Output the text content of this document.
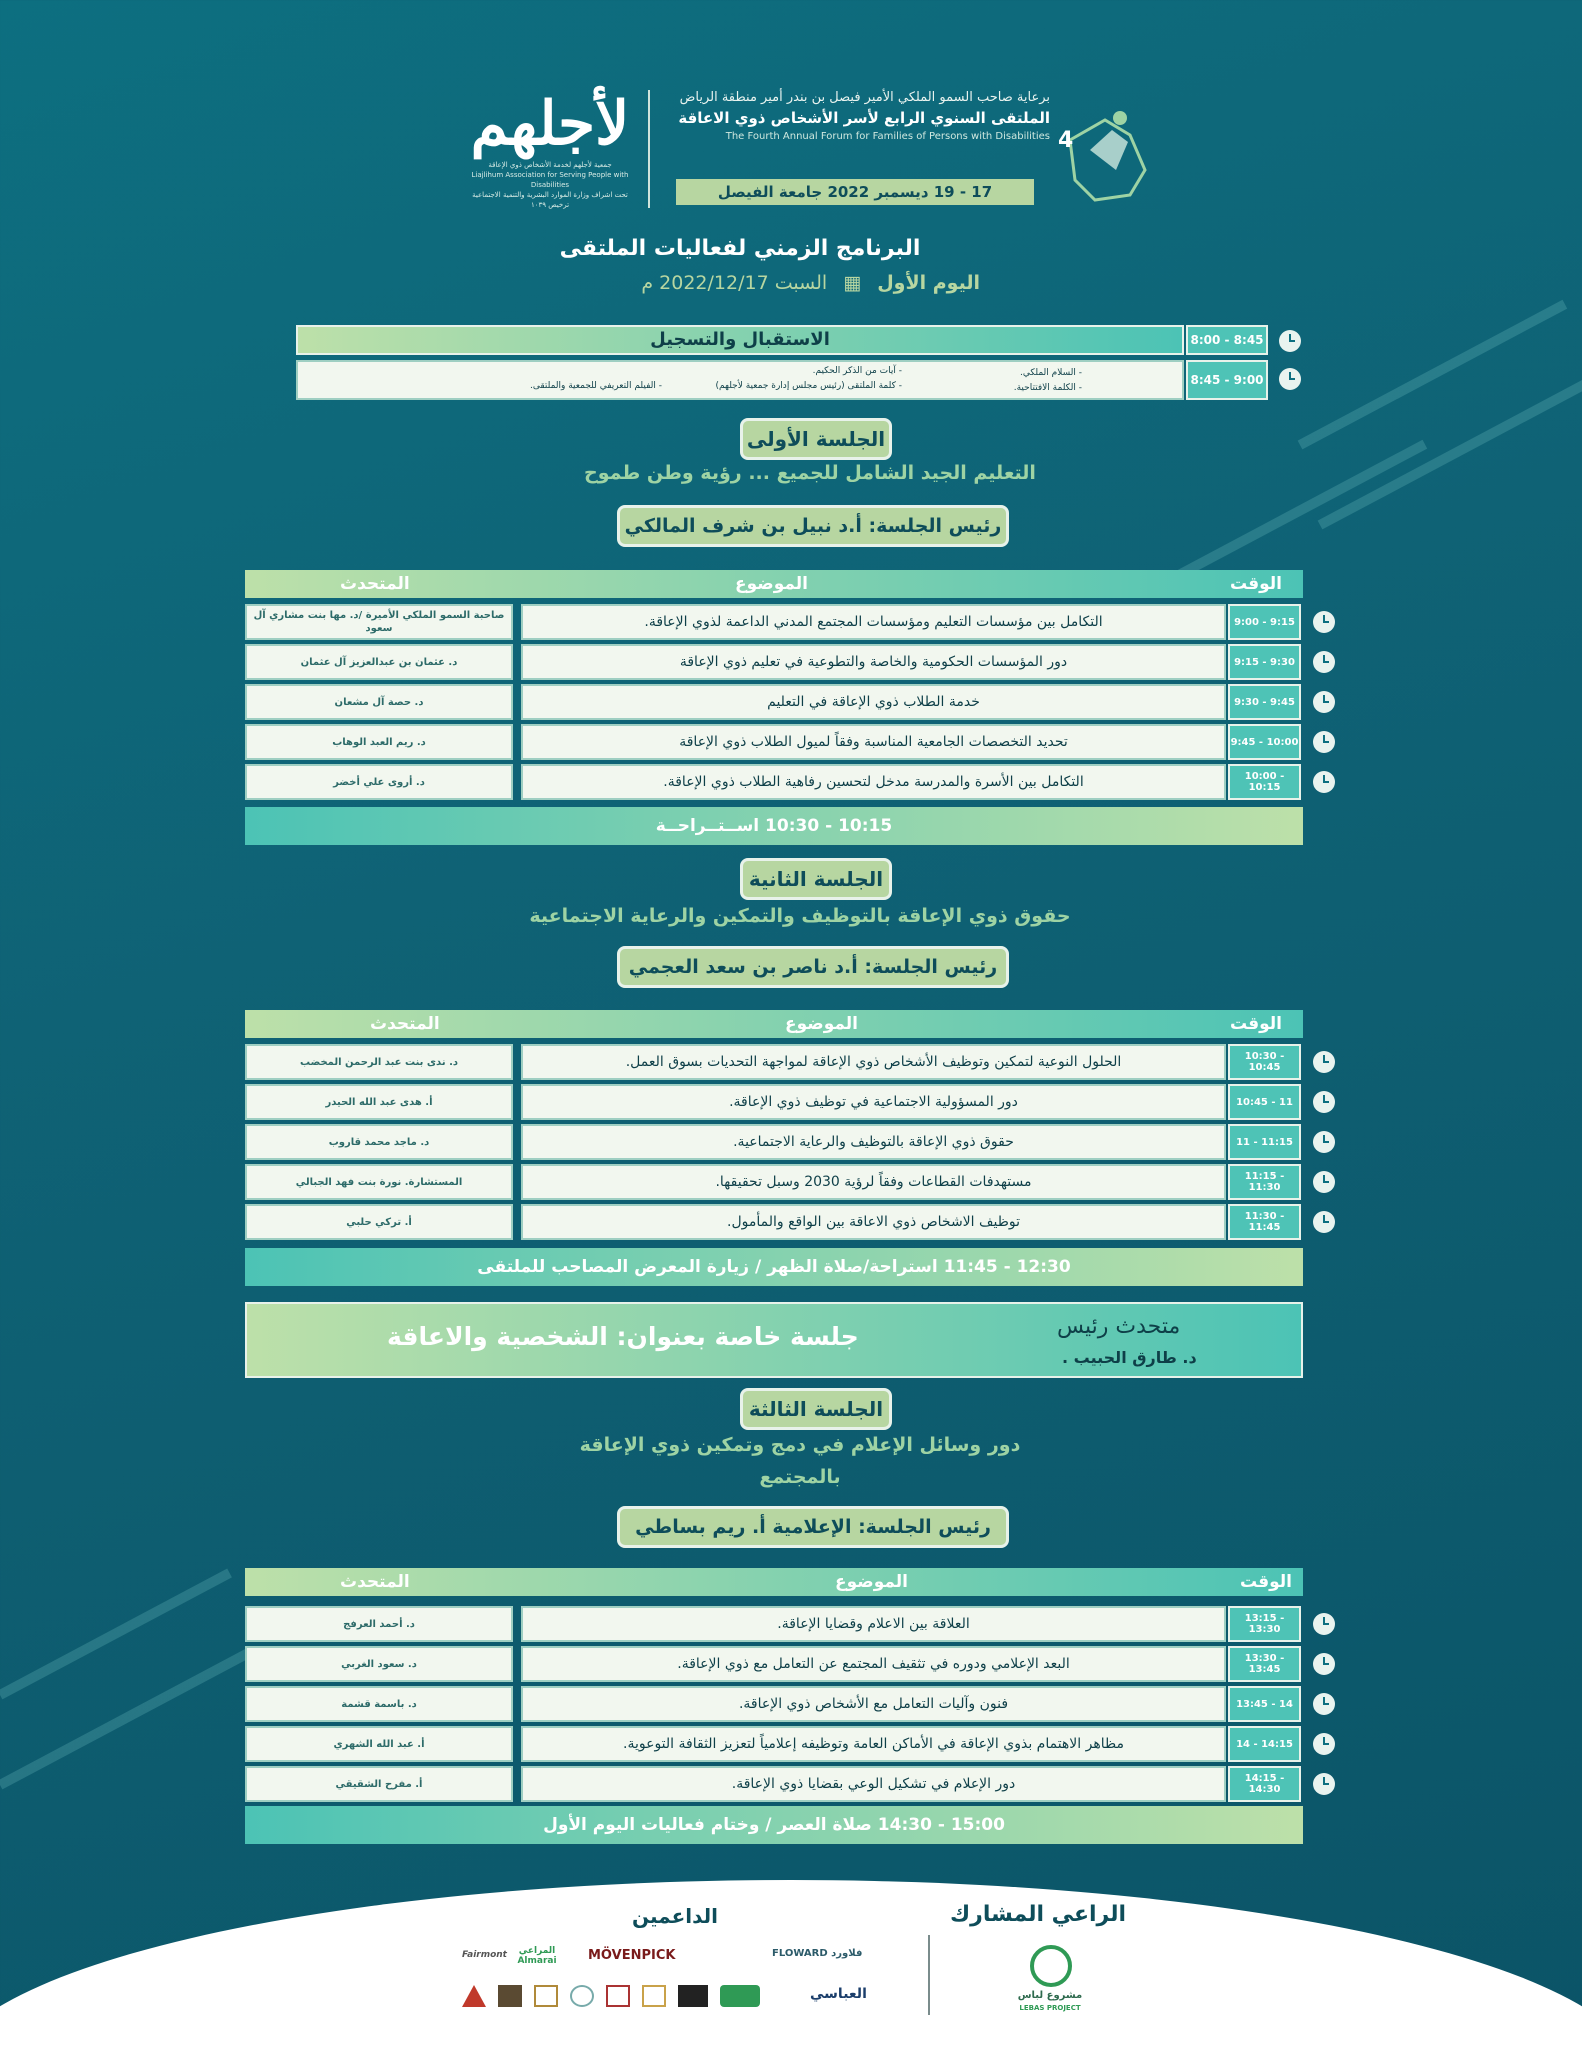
لأجلهم
جمعية لأجلهم لخدمة الأشخاص ذوي الإعاقة
Liajlihum Association for Serving People with Disabilities
تحت اشراف وزارة الموارد البشرية والتنمية الاجتماعية
ترخيص ١٠٣٩
برعاية صاحب السمو الملكي الأمير فيصل بن بندر أمير منطقة الرياض
الملتقى السنوي الرابع لأسر الأشخاص ذوي الاعاقة
The Fourth Annual Forum for Families of Persons with Disabilities
17 - 19 ديسمبر 2022 جامعة الفيصل
4
البرنامج الزمني لفعاليات الملتقى
اليوم الأول ▦ السبت 2022/12/17 م
الاستقبال والتسجيل	8:00 - 8:45
- السلام الملكي.
- الكلمة الافتتاحية.
- آيات من الذكر الحكيم.
- كلمة الملتقى (رئيس مجلس إدارة جمعية لأجلهم)
- الفيلم التعريفي للجمعية والملتقى.	8:45 - 9:00
الجلسة الأولى
التعليم الجيد الشامل للجميع ... رؤية وطن طموح
رئيس الجلسة: أ.د نبيل بن شرف المالكي
المتحدث	الموضوع	الوقت
صاحبة السمو الملكي الأميرة /د. مها بنت مشاري آل سعود	التكامل بين مؤسسات التعليم ومؤسسات المجتمع المدني الداعمة لذوي الإعاقة.	9:00 - 9:15
د. عثمان بن عبدالعزيز آل عثمان	دور المؤسسات الحكومية والخاصة والتطوعية في تعليم ذوي الإعاقة	9:15 - 9:30
د. حصة آل مشعان	خدمة الطلاب ذوي الإعاقة في التعليم	9:30 - 9:45
د. ريم العبد الوهاب	تحديد التخصصات الجامعية المناسبة وفقاً لميول الطلاب ذوي الإعاقة	9:45 - 10:00
د. أروى علي أخضر	التكامل بين الأسرة والمدرسة مدخل لتحسين رفاهية الطلاب ذوي الإعاقة.	10:00 - 10:15
10:15 - 10:30 اســتــراحــة
الجلسة الثانية
حقوق ذوي الإعاقة بالتوظيف والتمكين والرعاية الاجتماعية
رئيس الجلسة: أ.د ناصر بن سعد العجمي
المتحدث	الموضوع	الوقت
د. ندى بنت عبد الرحمن المخضب	الحلول النوعية لتمكين وتوظيف الأشخاص ذوي الإعاقة لمواجهة التحديات بسوق العمل.	10:30 - 10:45
أ. هدى عبد الله الحيدر	دور المسؤولية الاجتماعية في توظيف ذوي الإعاقة.	10:45 - 11
د. ماجد محمد قاروب	حقوق ذوي الإعاقة بالتوظيف والرعاية الاجتماعية.	11 - 11:15
المستشارة. نورة بنت فهد الجبالي	مستهدفات القطاعات وفقاً لرؤية 2030 وسبل تحقيقها.	11:15 - 11:30
أ. تركي حلبي	توظيف الاشخاص ذوي الاعاقة بين الواقع والمأمول.	11:30 - 11:45
12:30 - 11:45 استراحة/صلاة الظهر / زيارة المعرض المصاحب للملتقى
جلسة خاصة بعنوان: الشخصية والاعاقة	متحدث رئيس
د. طارق الحبيب .
الجلسة الثالثة
دور وسائل الإعلام في دمج وتمكين ذوي الإعاقة
بالمجتمع
رئيس الجلسة: الإعلامية أ. ريم بساطي
المتحدث	الموضوع	الوقت
د. أحمد العرفج	العلاقة بين الاعلام وقضايا الإعاقة.	13:15 - 13:30
د. سعود الغربي	البعد الإعلامي ودوره في تثقيف المجتمع عن التعامل مع ذوي الإعاقة.	13:30 - 13:45
د. باسمة قشمة	فنون وآليات التعامل مع الأشخاص ذوي الإعاقة.	13:45 - 14
أ. عبد الله الشهري	مظاهر الاهتمام بذوي الإعاقة في الأماكن العامة وتوظيفه إعلامياً لتعزيز الثقافة التوعوية.	14 - 14:15
أ. مفرح الشقيقي	دور الإعلام في تشكيل الوعي بقضايا ذوي الإعاقة.	14:15 - 14:30
15:00 - 14:30 صلاة العصر / وختام فعاليات اليوم الأول
الراعي المشارك
مشروع لباس
LEBAS PROJECT
الداعمين
Fairmont	المراعي Almarai	MÖVENPICK	FLOWARD فلاورد
العباسي
